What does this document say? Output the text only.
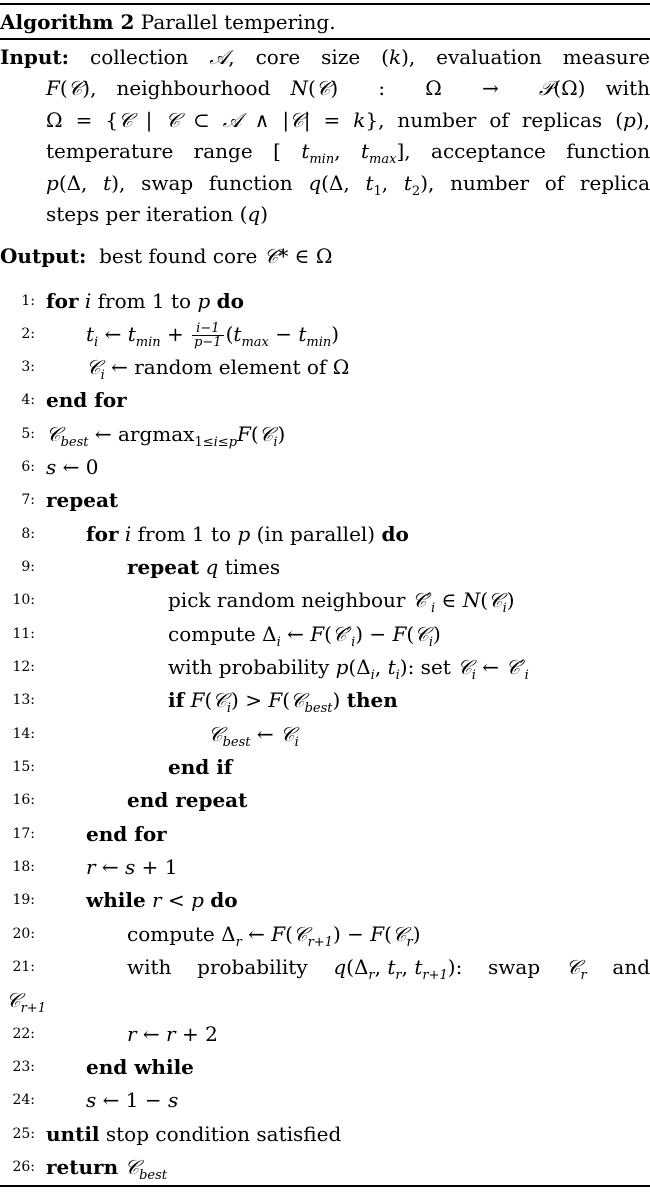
Algorithm 2 Parallel tempering.
Input: collection 𝒜, core size (k), evaluation measure
F(𝒞), neighbourhood N(𝒞)  :  Ω  →  𝒫(Ω) with
Ω = {𝒞 | 𝒞 ⊂ 𝒜 ∧ |𝒞| = k}, number of replicas (p),
temperature range [ $t_{min}$, $t_{max}$], acceptance function
p(Δ, t), swap function q(Δ, $t_1$, $t_2$), number of replica
steps per iteration (q)
Output:  best found core 𝒞* ∈ Ω
1: for i from 1 to p do
2:	$t_i$ ← $t_{min} + \frac{i-1}{p-1} (t_{max} - t_{min})$
3:	𝒞$_i$ ← random element of Ω
4: end for
5: 𝒞$_{best}$ ← argmax$_{1\le i\le p}$F(𝒞$_i$)
6: s ← 0
7: repeat
8:	for i from 1 to p (in parallel) do
9:	repeat q times
10:	pick random neighbour $𝒞'_i$ ∈ N(𝒞$_i$)
11:	compute $\Delta_i$ ← $F(𝒞'_i)$ − F(𝒞$_i$)
12:	with probability $p(\Delta_i$, $t_i$): set 𝒞$_i$ ← $𝒞'_i$
13:	if F(𝒞$_i$) > F(𝒞$_{best}$) then
14:	𝒞$_{best}$ ← 𝒞$_i$
15:	end if
16:	end repeat
17:	end for
18:	r ← s + 1
19:	while r < p do
20:	compute $\Delta_r$ ← F(𝒞$_{r+1}$) − F(𝒞$_r$)
21:	with probability $q(\Delta_r$, $t_r$, $t_{r+1}$): swap 𝒞$_r$ and
𝒞$_{r+1}$
22:	r ← r + 2
23:	end while
24:	s ← 1 − s
25: until stop condition satisfied
26: return 𝒞$_{best}$
